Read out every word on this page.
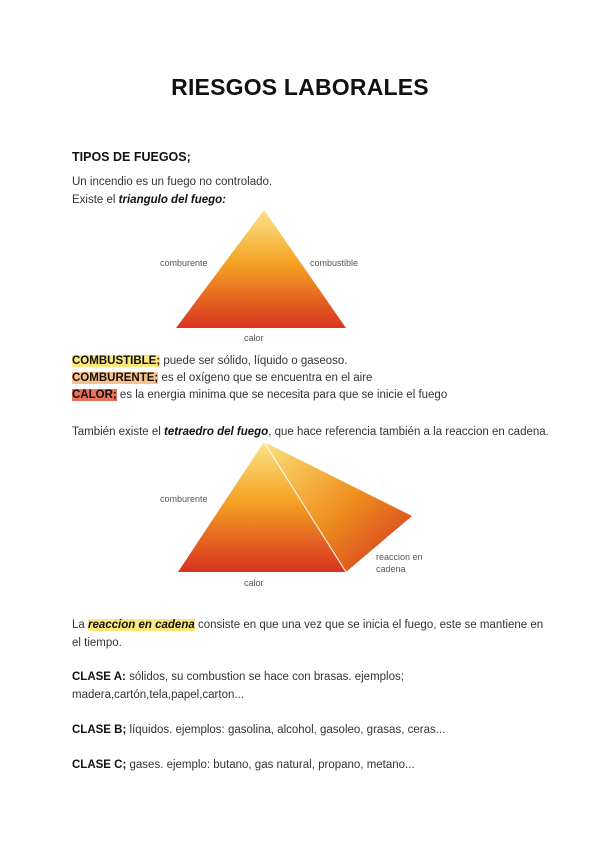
RIESGOS LABORALES
TIPOS DE FUEGOS;
Un incendio es un fuego no controlado.
Existe el triangulo del fuego:
comburente	combustible
calor
COMBUSTIBLE; puede ser sólido, líquido o gaseoso.
COMBURENTE; es el oxígeno que se encuentra en el aire
CALOR; es la energia minima que se necesita para que se inicie el fuego
También existe el tetraedro del fuego, que hace referencia también a la reaccion en cadena.
comburente
reaccion en
cadena
calor
La reaccion en cadena consiste en que una vez que se inicia el fuego, este se mantiene en
el tiempo.
CLASE A: sólidos, su combustion se hace con brasas. ejemplos;
madera,cartón,tela,papel,carton...
CLASE B; líquidos. ejemplos: gasolina, alcohol, gasoleo, grasas, ceras...
CLASE C; gases. ejemplo: butano, gas natural, propano, metano...
